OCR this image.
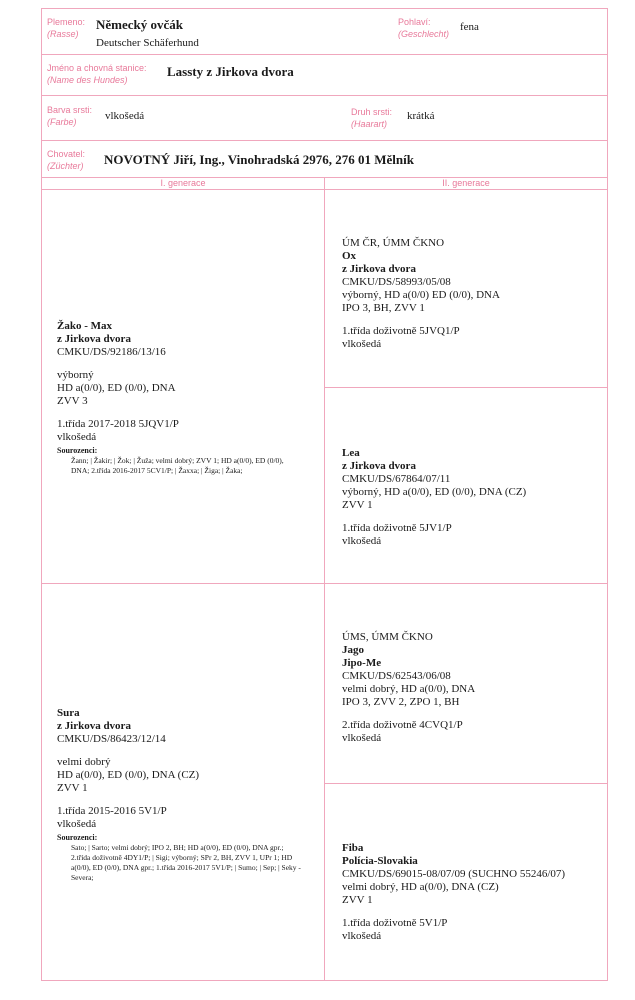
Plemeno:
(Rasse)
Německý ovčák
Deutscher Schäferhund
Pohlaví:
(Geschlecht)
fena
Jméno a chovná stanice:
(Name des Hundes)
Lassty z Jirkova dvora
Barva srsti:
(Farbe)	vlkošedá	Druh srsti:
(Haarart)
krátká
Chovatel:
(Züchter) NOVOTNÝ Jiří, Ing., Vinohradská 2976, 276 01 Mělník
I. generace	II. generace
Žako - Max
z Jirkova dvora
CMKU/DS/92186/13/16
výborný
HD a(0/0), ED (0/0), DNA
ZVV 3
1.třída 2017-2018 5JQV1/P
vlkošedá
Sourozenci:
Žann; | Žakir; | Žok; | Žuža; velmi dobrý; ZVV 1; HD a(0/0), ED (0/0), DNA; 2.třída 2016-2017 5CV1/P; | Žaxxa; | Žiga; | Žaka;
Sura
z Jirkova dvora
CMKU/DS/86423/12/14
velmi dobrý
HD a(0/0), ED (0/0), DNA (CZ)
ZVV 1
1.třída 2015-2016 5V1/P
vlkošedá
Sourozenci:
Sato; | Sarto; velmi dobrý; IPO 2, BH; HD a(0/0), ED (0/0), DNA gpr.; 2.třída doživotně 4DY1/P; | Sigi; výborný; SPr 2, BH, ZVV 1, UPr 1; HD a(0/0), ED (0/0), DNA gpr.; 1.třída 2016-2017 5V1/P; | Sumo; | Sep; | Seky - Severa;
ÚM ČR, ÚMM ČKNO
Ox
z Jirkova dvora
CMKU/DS/58993/05/08
výborný, HD a(0/0) ED (0/0), DNA
IPO 3, BH, ZVV 1
1.třída doživotně 5JVQ1/P
vlkošedá
Lea
z Jirkova dvora
CMKU/DS/67864/07/11
výborný, HD a(0/0), ED (0/0), DNA (CZ)
ZVV 1
1.třída doživotně 5JV1/P
vlkošedá
ÚMS, ÚMM ČKNO
Jago
Jipo-Me
CMKU/DS/62543/06/08
velmi dobrý, HD a(0/0), DNA
IPO 3, ZVV 2, ZPO 1, BH
2.třída doživotně 4CVQ1/P
vlkošedá
Fiba
Polícia-Slovakia
CMKU/DS/69015-08/07/09 (SUCHNO 55246/07)
velmi dobrý, HD a(0/0), DNA (CZ)
ZVV 1
1.třída doživotně 5V1/P
vlkošedá
